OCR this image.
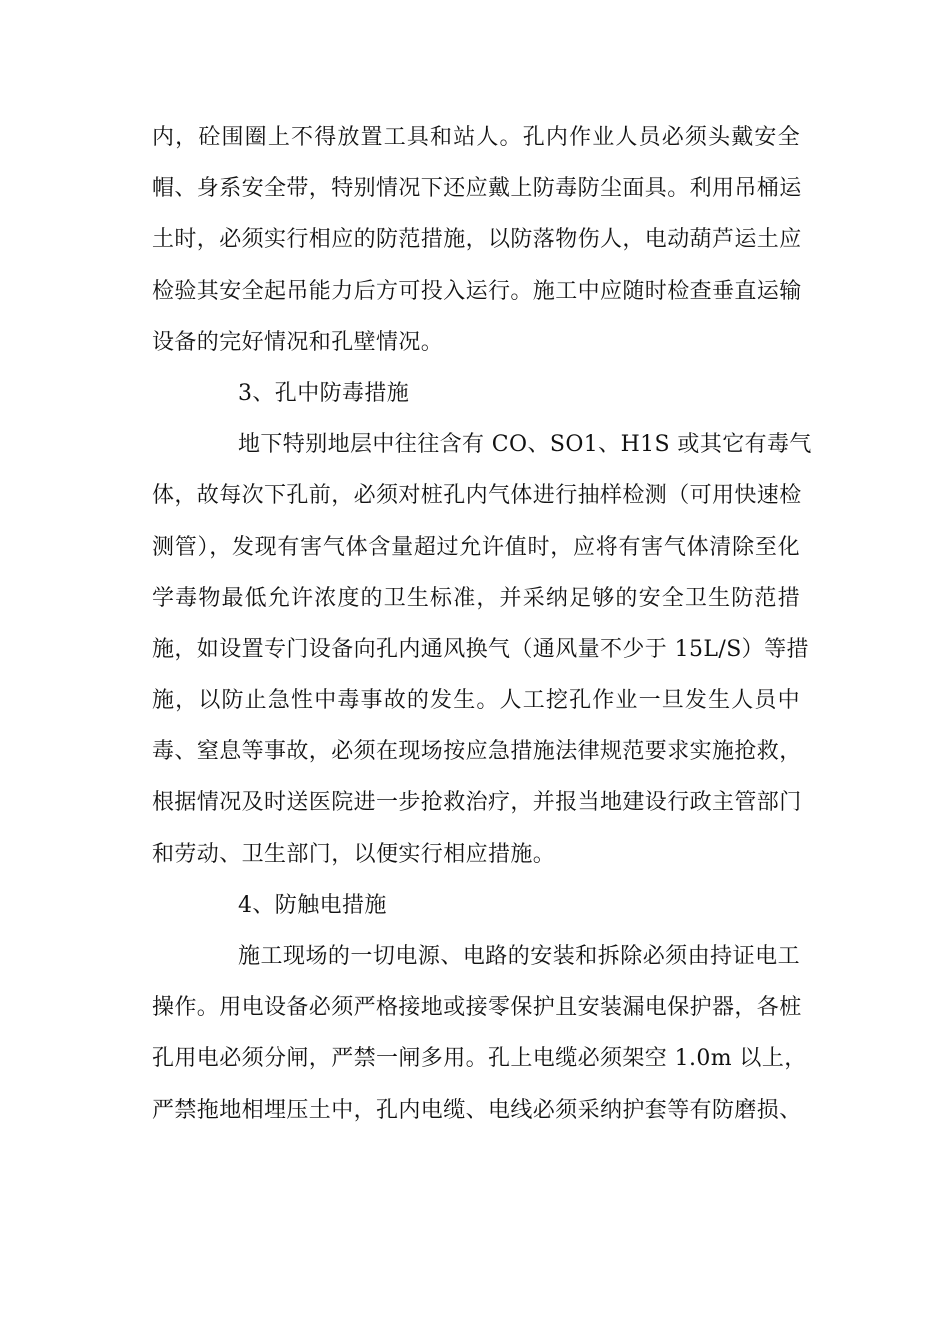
内，砼围圈上不得放置工具和站人。孔内作业人员必须头戴安全
帽、身系安全带，特别情况下还应戴上防毒防尘面具。利用吊桶运
土时，必须实行相应的防范措施，以防落物伤人，电动葫芦运土应
检验其安全起吊能力后方可投入运行。施工中应随时检查垂直运输
设备的完好情况和孔壁情况。
3、孔中防毒措施
地下特别地层中往往含有 CO、SO1、H1S 或其它有毒气
体，故每次下孔前，必须对桩孔内气体进行抽样检测（可用快速检
测管），发现有害气体含量超过允许值时，应将有害气体清除至化
学毒物最低允许浓度的卫生标准，并采纳足够的安全卫生防范措
施，如设置专门设备向孔内通风换气（通风量不少于 15L/S）等措
施，以防止急性中毒事故的发生。人工挖孔作业一旦发生人员中
毒、窒息等事故，必须在现场按应急措施法律规范要求实施抢救，
根据情况及时送医院进一步抢救治疗，并报当地建设行政主管部门
和劳动、卫生部门，以便实行相应措施。
4、防触电措施
施工现场的一切电源、电路的安装和拆除必须由持证电工
操作。用电设备必须严格接地或接零保护且安装漏电保护器，各桩
孔用电必须分闸，严禁一闸多用。孔上电缆必须架空 1.0m 以上，
严禁拖地相埋压土中，孔内电缆、电线必须采纳护套等有防磨损、
